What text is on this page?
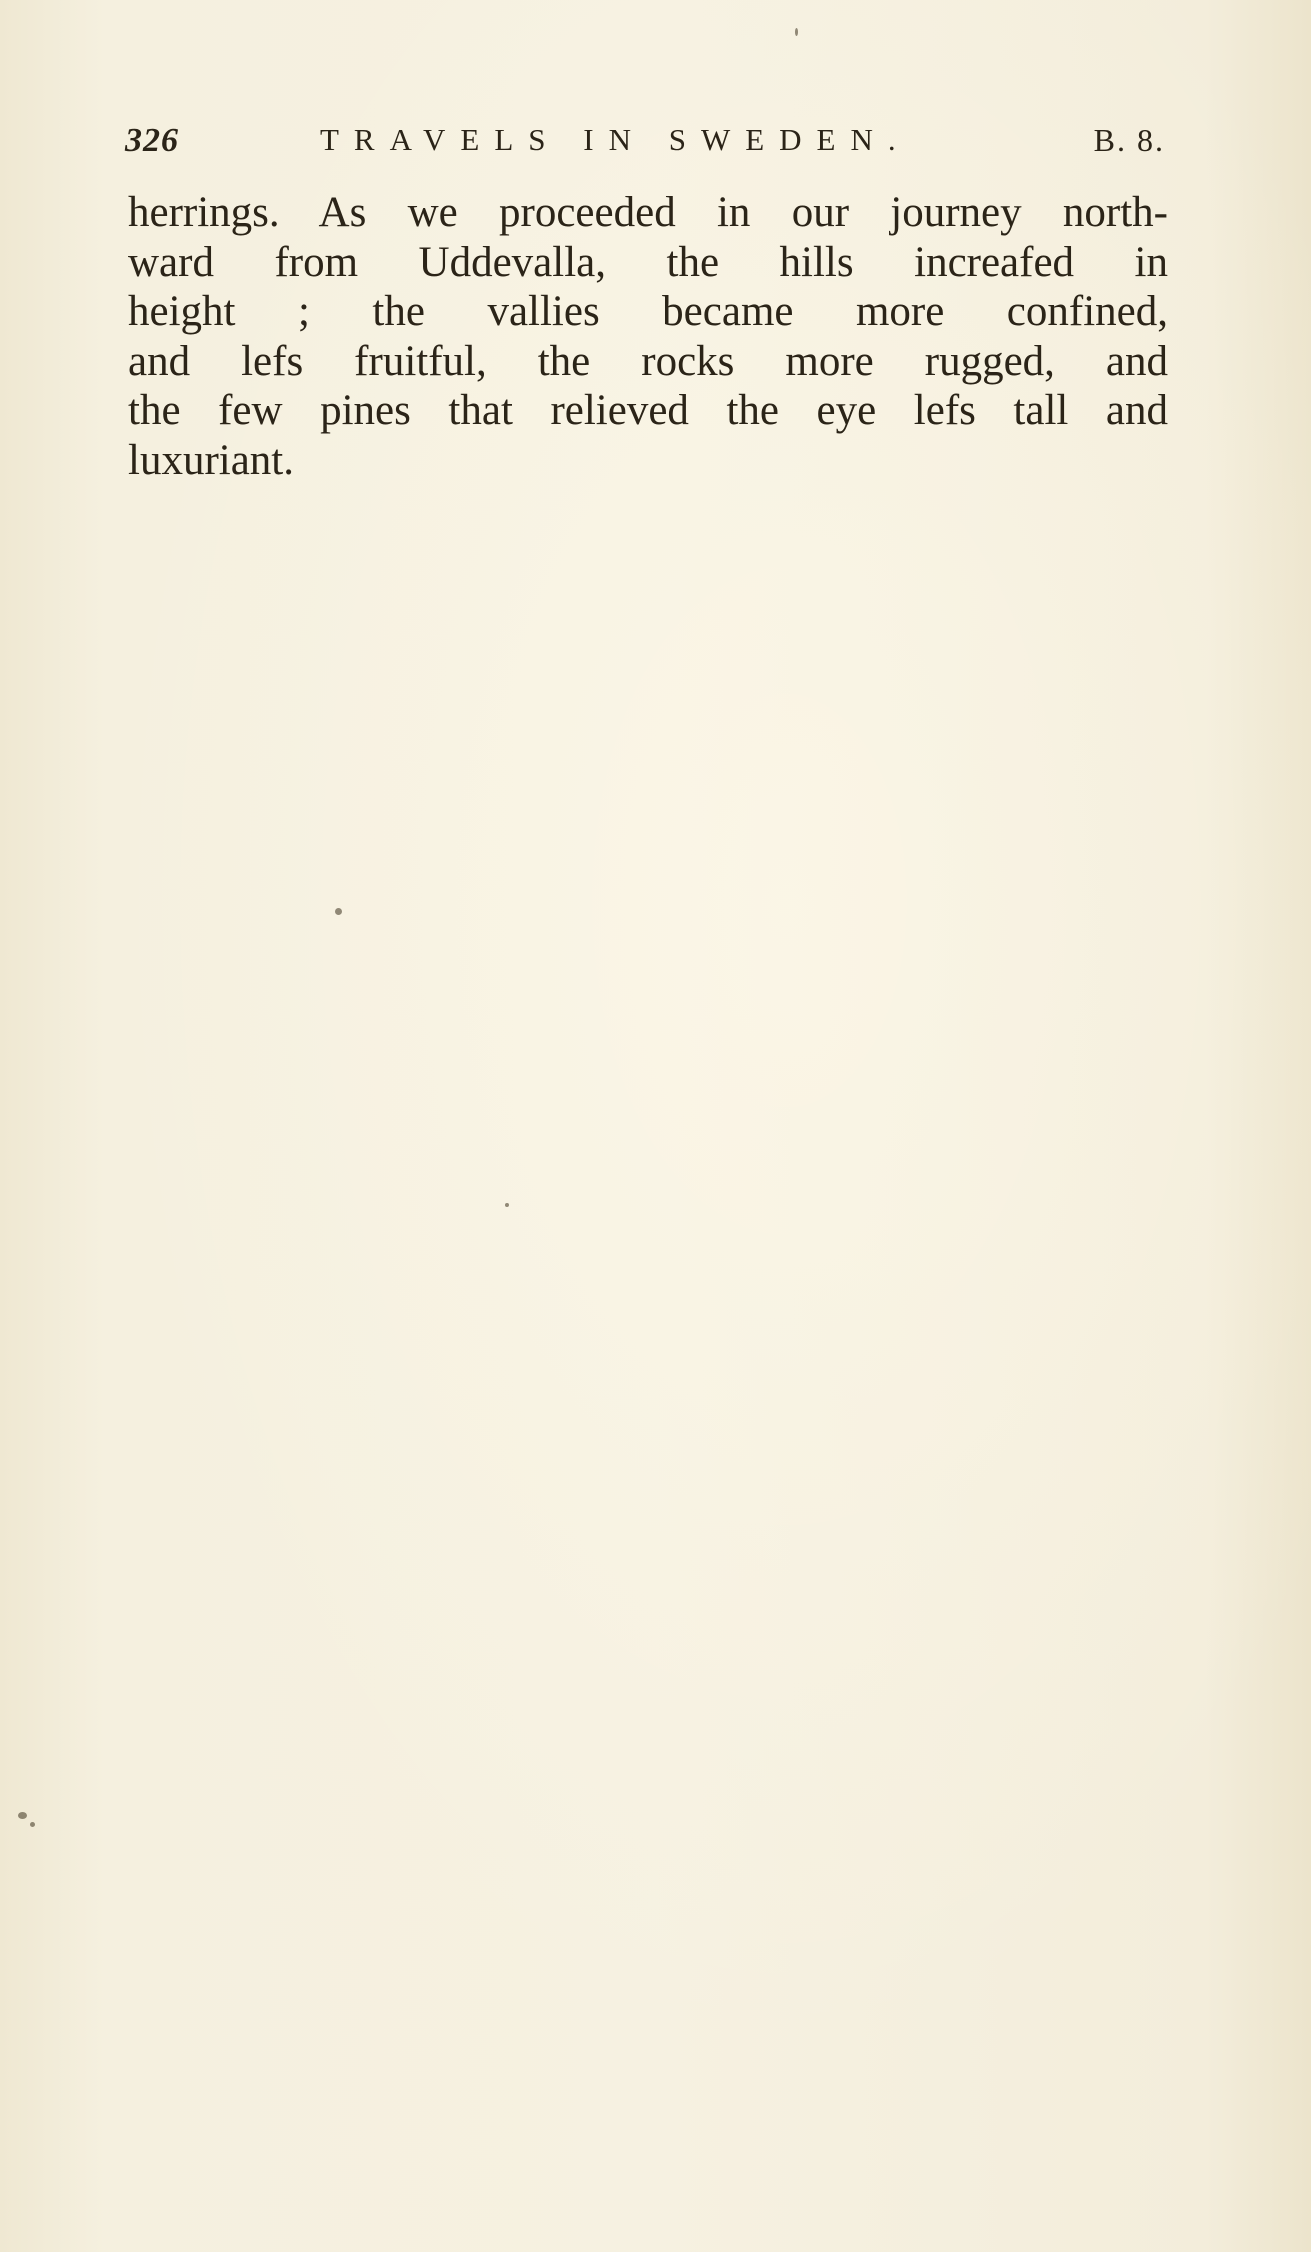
326	TRAVELS IN SWEDEN.	B. 8.
herrings. As we proceeded in our journey north-
ward from Uddevalla, the hills increafed in
height ; the vallies became more confined,
and lefs fruitful, the rocks more rugged, and
the few pines that relieved the eye lefs tall and
luxuriant.
